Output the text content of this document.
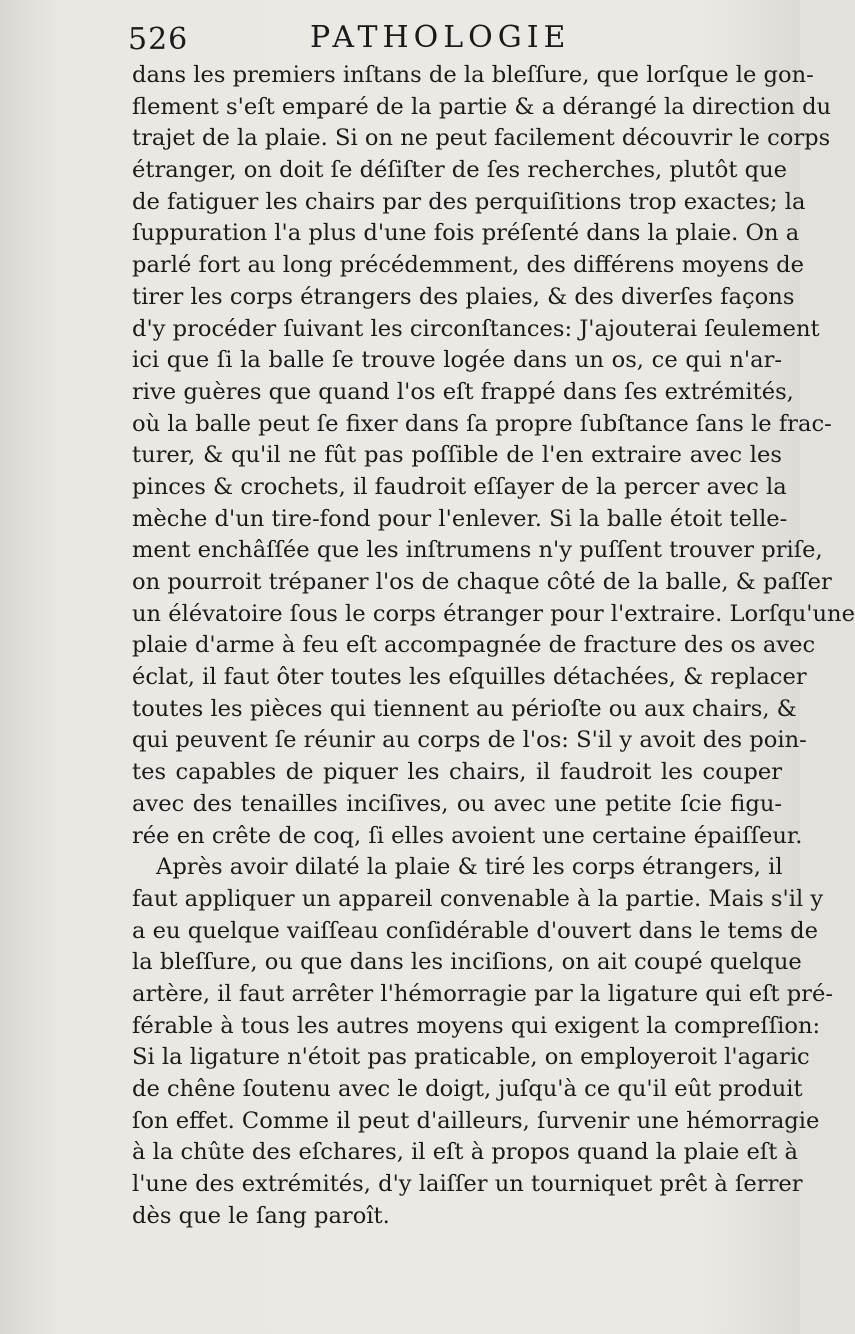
526	PATHOLOGIE
dans les premiers inſtans de la bleſſure, que lorſque le gon-
flement s'eſt emparé de la partie & a dérangé la direction du
trajet de la plaie. Si on ne peut facilement découvrir le corps
étranger, on doit ſe déſiſter de ſes recherches, plutôt que
de fatiguer les chairs par des perquiſitions trop exactes; la
ſuppuration l'a plus d'une fois préſenté dans la plaie. On a
parlé fort au long précédemment, des différens moyens de
tirer les corps étrangers des plaies, & des diverſes façons
d'y procéder ſuivant les circonſtances: J'ajouterai ſeulement
ici que ſi la balle ſe trouve logée dans un os, ce qui n'ar-
rive guères que quand l'os eſt frappé dans ſes extrémités,
où la balle peut ſe fixer dans ſa propre ſubſtance ſans le frac-
turer, & qu'il ne fût pas poſſible de l'en extraire avec les
pinces & crochets, il faudroit eſſayer de la percer avec la
mèche d'un tire-fond pour l'enlever. Si la balle étoit telle-
ment enchâſſée que les inſtrumens n'y puſſent trouver priſe,
on pourroit trépaner l'os de chaque côté de la balle, & paſſer
un élévatoire ſous le corps étranger pour l'extraire. Lorſqu'une
plaie d'arme à feu eſt accompagnée de fracture des os avec
éclat, il faut ôter toutes les eſquilles détachées, & replacer
toutes les pièces qui tiennent au périoſte ou aux chairs, &
qui peuvent ſe réunir au corps de l'os: S'il y avoit des poin-
tes capables de piquer les chairs, il faudroit les couper
avec des tenailles inciſives, ou avec une petite ſcie figu-
rée en crête de coq, ſi elles avoient une certaine épaiſſeur.
Après avoir dilaté la plaie & tiré les corps étrangers, il
faut appliquer un appareil convenable à la partie. Mais s'il y
a eu quelque vaiſſeau conſidérable d'ouvert dans le tems de
la bleſſure, ou que dans les inciſions, on ait coupé quelque
artère, il faut arrêter l'hémorragie par la ligature qui eſt pré-
férable à tous les autres moyens qui exigent la compreſſion:
Si la ligature n'étoit pas praticable, on employeroit l'agaric
de chêne ſoutenu avec le doigt, juſqu'à ce qu'il eût produit
ſon effet. Comme il peut d'ailleurs, ſurvenir une hémorragie
à la chûte des eſchares, il eſt à propos quand la plaie eſt à
l'une des extrémités, d'y laiſſer un tourniquet prêt à ſerrer
dès que le ſang paroît.
